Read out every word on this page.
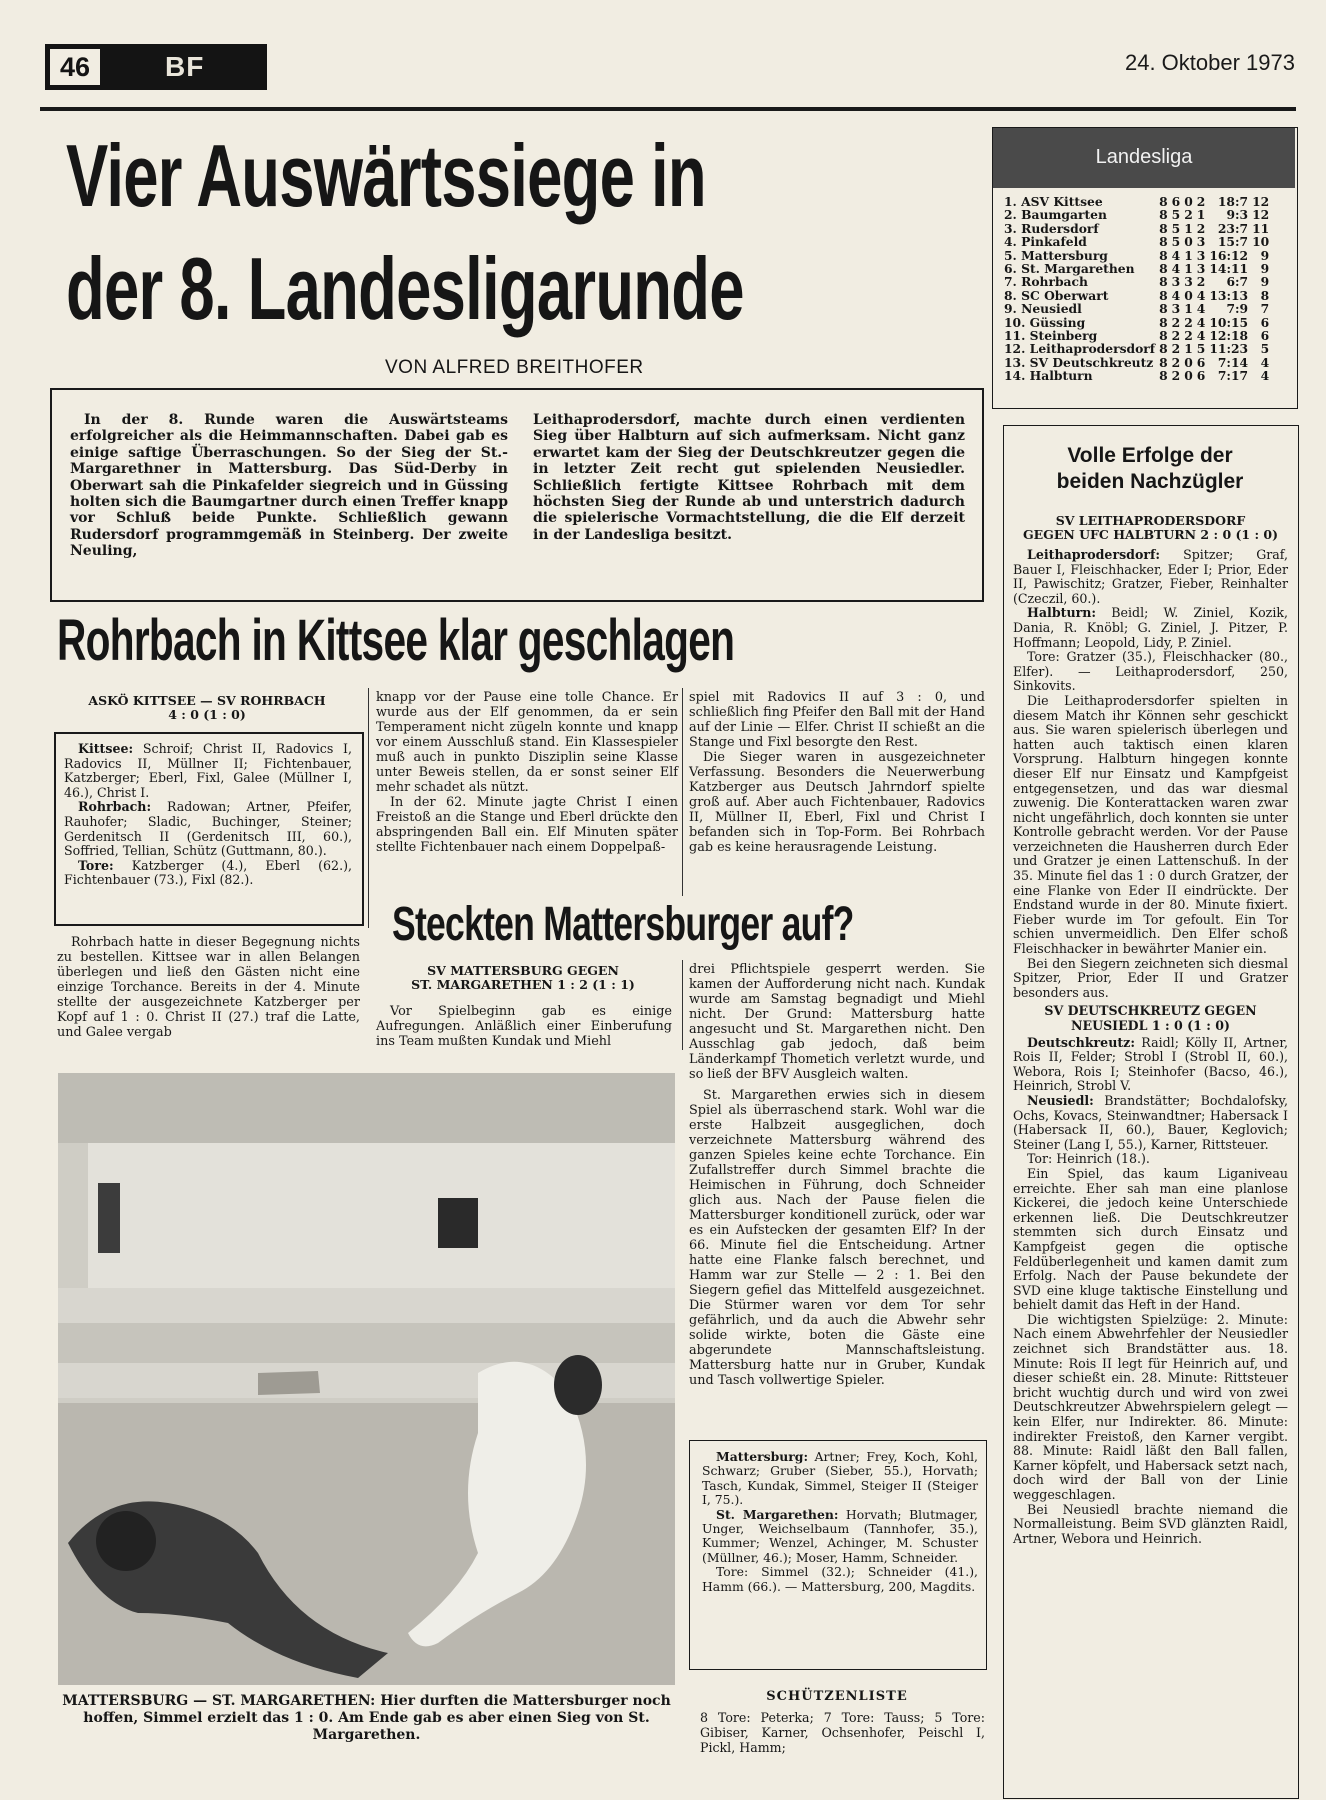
46	BF	24. Oktober 1973
Vier Auswärtssiege in
der 8. Landesligarunde
VON ALFRED BREITHOFER
In der 8. Runde waren die Auswärtsteams erfolgreicher als die Heimmannschaften. Dabei gab es einige saftige Überraschungen. So der Sieg der St.-Margarethner in Mattersburg. Das Süd-Derby in Oberwart sah die Pinkafelder siegreich und in Güssing holten sich die Baumgartner durch einen Treffer knapp vor Schluß beide Punkte. Schließlich gewann Rudersdorf programmgemäß in Steinberg. Der zweite Neuling,
Leithaprodersdorf, machte durch einen verdienten Sieg über Halbturn auf sich aufmerksam. Nicht ganz erwartet kam der Sieg der Deutschkreutzer gegen die in letzter Zeit recht gut spielenden Neusiedler. Schließlich fertigte Kittsee Rohrbach mit dem höchsten Sieg der Runde ab und unterstrich dadurch die spielerische Vormachtstellung, die die Elf derzeit in der Landesliga besitzt.
Landesliga
1. ASV Kittsee	8	6	0	2	18:7	12
2. Baumgarten	8	5	2	1	9:3	12
3. Rudersdorf	8	5	1	2	23:7	11
4. Pinkafeld	8	5	0	3	15:7	10
5. Mattersburg	8	4	1	3	16:12	9
6. St. Margarethen	8	4	1	3	14:11	9
7. Rohrbach	8	3	3	2	6:7	9
8. SC Oberwart	8	4	0	4	13:13	8
9. Neusiedl	8	3	1	4	7:9	7
10. Güssing	8	2	2	4	10:15	6
11. Steinberg	8	2	2	4	12:18	6
12. Leithaprodersdorf	8	2	1	5	11:23	5
13. SV Deutschkreutz	8	2	0	6	7:14	4
14. Halbturn	8	2	0	6	7:17	4
Volle Erfolge der beiden Nachzügler
SV LEITHAPRODERSDORF
GEGEN UFC HALBTURN 2 : 0 (1 : 0)

Leithaprodersdorf: Spitzer; Graf, Bauer I, Fleischhacker, Eder I; Prior, Eder II, Pawischitz; Gratzer, Fieber, Reinhalter (Czeczil, 60.).

Halbturn: Beidl; W. Ziniel, Kozik, Dania, R. Knöbl; G. Ziniel, J. Pitzer, P. Hoffmann; Leopold, Lidy, P. Ziniel.

Tore: Gratzer (35.), Fleischhacker (80., Elfer). — Leithaprodersdorf, 250, Sinkovits.

Die Leithaprodersdorfer spielten in diesem Match ihr Können sehr geschickt aus. Sie waren spielerisch überlegen und hatten auch taktisch einen klaren Vorsprung. Halbturn hingegen konnte dieser Elf nur Einsatz und Kampfgeist entgegensetzen, und das war diesmal zuwenig. Die Konterattacken waren zwar nicht ungefährlich, doch konnten sie unter Kontrolle gebracht werden. Vor der Pause verzeichneten die Hausherren durch Eder und Gratzer je einen Lattenschuß. In der 35. Minute fiel das 1 : 0 durch Gratzer, der eine Flanke von Eder II eindrückte. Der Endstand wurde in der 80. Minute fixiert. Fieber wurde im Tor gefoult. Ein Tor schien unvermeidlich. Den Elfer schoß Fleischhacker in bewährter Manier ein.

Bei den Siegern zeichneten sich diesmal Spitzer, Prior, Eder II und Gratzer besonders aus.

SV DEUTSCHKREUTZ GEGEN
NEUSIEDL 1 : 0 (1 : 0)

Deutschkreutz: Raidl; Kölly II, Artner, Rois II, Felder; Strobl I (Strobl II, 60.), Webora, Rois I; Steinhofer (Bacso, 46.), Heinrich, Strobl V.

Neusiedl: Brandstätter; Bochdalofsky, Ochs, Kovacs, Steinwandtner; Habersack I (Habersack II, 60.), Bauer, Keglovich; Steiner (Lang I, 55.), Karner, Rittsteuer.

Tor: Heinrich (18.).

Ein Spiel, das kaum Liganiveau erreichte. Eher sah man eine planlose Kickerei, die jedoch keine Unterschiede erkennen ließ. Die Deutschkreutzer stemmten sich durch Einsatz und Kampfgeist gegen die optische Feldüberlegenheit und kamen damit zum Erfolg. Nach der Pause bekundete der SVD eine kluge taktische Einstellung und behielt damit das Heft in der Hand.

Die wichtigsten Spielzüge: 2. Minute: Nach einem Abwehrfehler der Neusiedler zeichnet sich Brandstätter aus. 18. Minute: Rois II legt für Heinrich auf, und dieser schießt ein. 28. Minute: Rittsteuer bricht wuchtig durch und wird von zwei Deutschkreutzer Abwehrspielern gelegt — kein Elfer, nur Indirekter. 86. Minute: indirekter Freistoß, den Karner vergibt. 88. Minute: Raidl läßt den Ball fallen, Karner köpfelt, und Habersack setzt nach, doch wird der Ball von der Linie weggeschlagen.

Bei Neusiedl brachte niemand die Normalleistung. Beim SVD glänzten Raidl, Artner, Webora und Heinrich.

Rohrbach in Kittsee klar geschlagen
ASKÖ KITTSEE — SV ROHRBACH
4 : 0 (1 : 0)

Kittsee: Schroif; Christ II, Radovics I, Radovics II, Müllner II; Fichtenbauer, Katzberger; Eberl, Fixl, Galee (Müllner I, 46.), Christ I.

Rohrbach: Radowan; Artner, Pfeifer, Rauhofer; Sladic, Buchinger, Steiner; Gerdenitsch II (Gerdenitsch III, 60.), Soffried, Tellian, Schütz (Guttmann, 80.).

Tore: Katzberger (4.), Eberl (62.), Fichtenbauer (73.), Fixl (82.).

Rohrbach hatte in dieser Begegnung nichts zu bestellen. Kittsee war in allen Belangen überlegen und ließ den Gästen nicht eine einzige Torchance. Bereits in der 4. Minute stellte der ausgezeichnete Katzberger per Kopf auf 1 : 0. Christ II (27.) traf die Latte, und Galee vergab

knapp vor der Pause eine tolle Chance. Er wurde aus der Elf genommen, da er sein Temperament nicht zügeln konnte und knapp vor einem Ausschluß stand. Ein Klassespieler muß auch in punkto Disziplin seine Klasse unter Beweis stellen, da er sonst seiner Elf mehr schadet als nützt.

In der 62. Minute jagte Christ I einen Freistoß an die Stange und Eberl drückte den abspringenden Ball ein. Elf Minuten später stellte Fichtenbauer nach einem Doppelpaß-

spiel mit Radovics II auf 3 : 0, und schließlich fing Pfeifer den Ball mit der Hand auf der Linie — Elfer. Christ II schießt an die Stange und Fixl besorgte den Rest.

Die Sieger waren in ausgezeichneter Verfassung. Besonders die Neuerwerbung Katzberger aus Deutsch Jahrndorf spielte groß auf. Aber auch Fichtenbauer, Radovics II, Müllner II, Eberl, Fixl und Christ I befanden sich in Top-Form. Bei Rohrbach gab es keine herausragende Leistung.

Steckten Mattersburger auf?
SV MATTERSBURG GEGEN
ST. MARGARETHEN 1 : 2 (1 : 1)
Vor Spielbeginn gab es einige Aufregungen. Anläßlich einer Einberufung ins Team mußten Kundak und Miehl

drei Pflichtspiele gesperrt werden. Sie kamen der Aufforderung nicht nach. Kundak wurde am Samstag begnadigt und Miehl nicht. Der Grund: Mattersburg hatte angesucht und St. Margarethen nicht. Den Ausschlag gab jedoch, daß beim Länderkampf Thometich verletzt wurde, und so ließ der BFV Ausgleich walten.

St. Margarethen erwies sich in diesem Spiel als überraschend stark. Wohl war die erste Halbzeit ausgeglichen, doch verzeichnete Mattersburg während des ganzen Spieles keine echte Torchance. Ein Zufallstreffer durch Simmel brachte die Heimischen in Führung, doch Schneider glich aus. Nach der Pause fielen die Mattersburger konditionell zurück, oder war es ein Aufstecken der gesamten Elf? In der 66. Minute fiel die Entscheidung. Artner hatte eine Flanke falsch berechnet, und Hamm war zur Stelle — 2 : 1. Bei den Siegern gefiel das Mittelfeld ausgezeichnet. Die Stürmer waren vor dem Tor sehr gefährlich, und da auch die Abwehr sehr solide wirkte, boten die Gäste eine abgerundete Mannschaftsleistung. Mattersburg hatte nur in Gruber, Kundak und Tasch vollwertige Spieler.

Mattersburg: Artner; Frey, Koch, Kohl, Schwarz; Gruber (Sieber, 55.), Horvath; Tasch, Kundak, Simmel, Steiger II (Steiger I, 75.).

St. Margarethen: Horvath; Blutmager, Unger, Weichselbaum (Tannhofer, 35.), Kummer; Wenzel, Achinger, M. Schuster (Müllner, 46.); Moser, Hamm, Schneider.

Tore: Simmel (32.); Schneider (41.), Hamm (66.). — Mattersburg, 200, Magdits.

SCHÜTZENLISTE
8 Tore: Peterka; 7 Tore: Tauss; 5 Tore: Gibiser, Karner, Ochsenhofer, Peischl I, Pickl, Hamm;
MATTERSBURG — ST. MARGARETHEN: Hier durften die Mattersburger noch hoffen, Simmel erzielt das 1 : 0. Am Ende gab es aber einen Sieg von St. Margarethen.
